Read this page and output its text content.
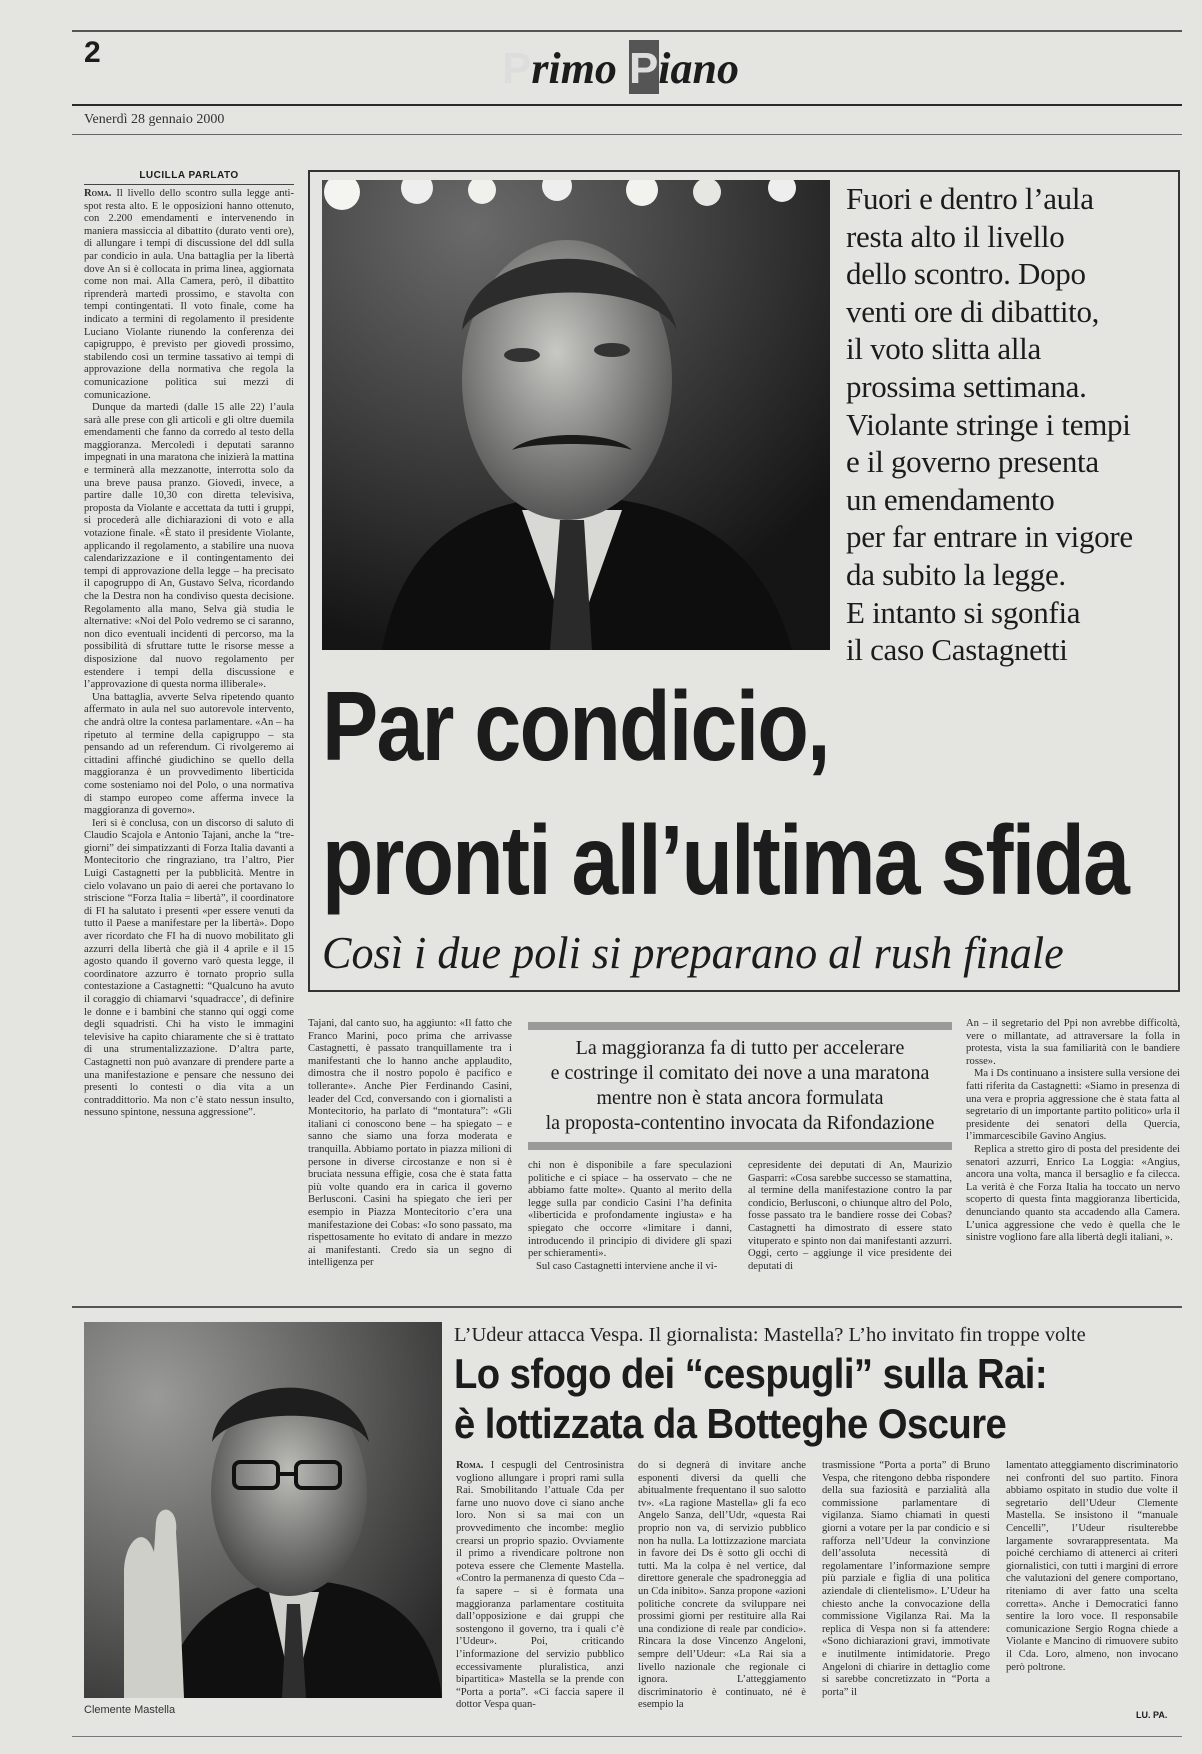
2	Primo Piano
Venerdì 28 gennaio 2000
LUCILLA PARLATO

Roma. Il livello dello scontro sulla legge anti-spot resta alto. E le opposizioni hanno ottenuto, con 2.200 emendamenti e intervenendo in maniera massiccia al dibattito (durato venti ore), di allungare i tempi di discussione del ddl sulla par condicio in aula. Una battaglia per la libertà dove An si è collocata in prima linea, aggiornata come non mai. Alla Camera, però, il dibattito riprenderà martedì prossimo, e stavolta con tempi contingentati. Il voto finale, come ha indicato a termini di regolamento il presidente Luciano Violante riunendo la conferenza dei capigruppo, è previsto per giovedì prossimo, stabilendo così un termine tassativo ai tempi di approvazione della normativa che regola la comunicazione politica sui mezzi di comunicazione.

Dunque da martedì (dalle 15 alle 22) l’aula sarà alle prese con gli articoli e gli oltre duemila emendamenti che fanno da corredo al testo della maggioranza. Mercoledì i deputati saranno impegnati in una maratona che inizierà la mattina e terminerà alla mezzanotte, interrotta solo da una breve pausa pranzo. Giovedì, invece, a partire dalle 10,30 con diretta televisiva, proposta da Violante e accettata da tutti i gruppi, si procederà alle dichiarazioni di voto e alla votazione finale. «È stato il presidente Violante, applicando il regolamento, a stabilire una nuova calendarizzazione e il contingentamento dei tempi di approvazione della legge – ha precisato il capogruppo di An, Gustavo Selva, ricordando che la Destra non ha condiviso questa decisione. Regolamento alla mano, Selva già studia le alternative: «Noi del Polo vedremo se ci saranno, non dico eventuali incidenti di percorso, ma la possibilità di sfruttare tutte le risorse messe a disposizione dal nuovo regolamento per estendere i tempi della discussione e l’approvazione di questa norma illiberale».

Una battaglia, avverte Selva ripetendo quanto affermato in aula nel suo autorevole intervento, che andrà oltre la contesa parlamentare. «An – ha ripetuto al termine della capigruppo – sta pensando ad un referendum. Ci rivolgeremo ai cittadini affinché giudichino se quello della maggioranza è un provvedimento liberticida come sosteniamo noi del Polo, o una normativa di stampo europeo come afferma invece la maggioranza di governo».

Ieri si è conclusa, con un discorso di saluto di Claudio Scajola e Antonio Tajani, anche la “tre-giorni” dei simpatizzanti di Forza Italia davanti a Montecitorio che ringraziano, tra l’altro, Pier Luigi Castagnetti per la pubblicità. Mentre in cielo volavano un paio di aerei che portavano lo striscione “Forza Italia = libertà”, il coordinatore di FI ha salutato i presenti «per essere venuti da tutto il Paese a manifestare per la libertà». Dopo aver ricordato che FI ha di nuovo mobilitato gli azzurri della libertà che già il 4 aprile e il 15 agosto quando il governo varò questa legge, il coordinatore azzurro è tornato proprio sulla contestazione a Castagnetti: “Qualcuno ha avuto il coraggio di chiamarvi ‘squadracce’, di definire le donne e i bambini che stanno qui oggi come degli squadristi. Chi ha visto le immagini televisive ha capito chiaramente che si è trattato di una strumentalizzazione. D’altra parte, Castagnetti non può avanzare di prendere parte a una manifestazione e pensare che nessuno dei presenti lo contesti o dia vita a un contraddittorio. Ma non c’è stato nessun insulto, nessuno spintone, nessuna aggressione”.

Fuori e dentro l’aula
resta alto il livello
dello scontro. Dopo
venti ore di dibattito,
il voto slitta alla
prossima settimana.
Violante stringe i tempi
e il governo presenta
un emendamento
per far entrare in vigore
da subito la legge.
E intanto si sgonfia
il caso Castagnetti
Par condicio,
pronti all’ultima sfida
Così i due poli si preparano al rush finale

Tajani, dal canto suo, ha aggiunto: «Il fatto che Franco Marini, poco prima che arrivasse Castagnetti, è passato tranquillamente tra i manifestanti che lo hanno anche applaudito, dimostra che il nostro popolo è pacifico e tollerante». Anche Pier Ferdinando Casini, leader del Ccd, conversando con i giornalisti a Montecitorio, ha parlato di “montatura”: «Gli italiani ci conoscono bene – ha spiegato – e sanno che siamo una forza moderata e tranquilla. Abbiamo portato in piazza milioni di persone in diverse circostanze e non si è bruciata nessuna effigie, cosa che è stata fatta più volte quando era in carica il governo Berlusconi. Casini ha spiegato che ieri per esempio in Piazza Montecitorio c’era una manifestazione dei Cobas: «Io sono passato, ma rispettosamente ho evitato di andare in mezzo ai manifestanti. Credo sia un segno di intelligenza per

La maggioranza fa di tutto per accelerare
e costringe il comitato dei nove a una maratona
mentre non è stata ancora formulata
la proposta-contentino invocata da Rifondazione

chi non è disponibile a fare speculazioni politiche e ci spiace – ha osservato – che ne abbiamo fatte molte». Quanto al merito della legge sulla par condicio Casini l’ha definita «liberticida e profondamente ingiusta» e ha spiegato che occorre «limitare i danni, introducendo il principio di dividere gli spazi per schieramenti».

Sul caso Castagnetti interviene anche il vi-

cepresidente dei deputati di An, Maurizio Gasparri: «Cosa sarebbe successo se stamattina, al termine della manifestazione contro la par condicio, Berlusconi, o chiunque altro del Polo, fosse passato tra le bandiere rosse dei Cobas? Castagnetti ha dimostrato di essere stato vituperato e spinto non dai manifestanti azzurri. Oggi, certo – aggiunge il vice presidente dei deputati di

An – il segretario del Ppi non avrebbe difficoltà, vere o millantate, ad attraversare la folla in protesta, vista la sua familiarità con le bandiere rosse».

Ma i Ds continuano a insistere sulla versione dei fatti riferita da Castagnetti: «Siamo in presenza di una vera e propria aggressione che è stata fatta al segretario di un importante partito politico» urla il presidente dei senatori della Quercia, l’immarcescibile Gavino Angius.

Replica a stretto giro di posta del presidente dei senatori azzurri, Enrico La Loggia: «Angius, ancora una volta, manca il bersaglio e fa cilecca. La verità è che Forza Italia ha toccato un nervo scoperto di questa finta maggioranza liberticida, denunciando quanto sta accadendo alla Camera. L’unica aggressione che vedo è quella che le sinistre vogliono fare alla libertà degli italiani, ».

Clemente Mastella
L’Udeur attacca Vespa. Il giornalista: Mastella? L’ho invitato fin troppe volte
Lo sfogo dei “cespugli” sulla Rai:
è lottizzata da Botteghe Oscure

Roma. I cespugli del Centrosinistra vogliono allungare i propri rami sulla Rai. Smobilitando l’attuale Cda per farne uno nuovo dove ci siano anche loro. Non si sa mai con un provvedimento che incombe: meglio crearsi un proprio spazio. Ovviamente il primo a rivendicare poltrone non poteva essere che Clemente Mastella. «Contro la permanenza di questo Cda – fa sapere – si è formata una maggioranza parlamentare costituita dall’opposizione e dai gruppi che sostengono il governo, tra i quali c’è l’Udeur». Poi, criticando l’informazione del servizio pubblico eccessivamente pluralistica, anzi bipartitica» Mastella se la prende con “Porta a porta”. «Ci faccia sapere il dottor Vespa quan-

do si degnerà di invitare anche esponenti diversi da quelli che abitualmente frequentano il suo salotto tv». «La ragione Mastella» gli fa eco Angelo Sanza, dell’Udr, «questa Rai proprio non va, di servizio pubblico non ha nulla. La lottizzazione marciata in favore dei Ds è sotto gli occhi di tutti. Ma la colpa è nel vertice, dal direttore generale che spadroneggia ad un Cda inibito». Sanza propone «azioni politiche concrete da sviluppare nei prossimi giorni per restituire alla Rai una condizione di reale par condicio». Rincara la dose Vincenzo Angeloni, sempre dell’Udeur: «La Rai sia a livello nazionale che regionale ci ignora. L’atteggiamento discriminatorio è continuato, né è esempio la

trasmissione “Porta a porta” di Bruno Vespa, che ritengono debba rispondere della sua faziosità e parzialità alla commissione parlamentare di vigilanza. Siamo chiamati in questi giorni a votare per la par condicio e si rafforza nell’Udeur la convinzione dell’assoluta necessità di regolamentare l’informazione sempre più parziale e figlia di una politica aziendale di clientelismo». L’Udeur ha chiesto anche la convocazione della commissione Vigilanza Rai. Ma la replica di Vespa non si fa attendere: «Sono dichiarazioni gravi, immotivate e inutilmente intimidatorie. Prego Angeloni di chiarire in dettaglio come si sarebbe concretizzato in “Porta a porta” il

lamentato atteggiamento discriminatorio nei confronti del suo partito. Finora abbiamo ospitato in studio due volte il segretario dell’Udeur Clemente Mastella. Se insistono il “manuale Cencelli”, l’Udeur risulterebbe largamente sovrarappresentata. Ma poiché cerchiamo di attenerci ai criteri giornalistici, con tutti i margini di errore che valutazioni del genere comportano, riteniamo di aver fatto una scelta corretta». Anche i Democratici fanno sentire la loro voce. Il responsabile comunicazione Sergio Rogna chiede a Violante e Mancino di rimuovere subito il Cda. Loro, almeno, non invocano però poltrone.

LU. PA.
